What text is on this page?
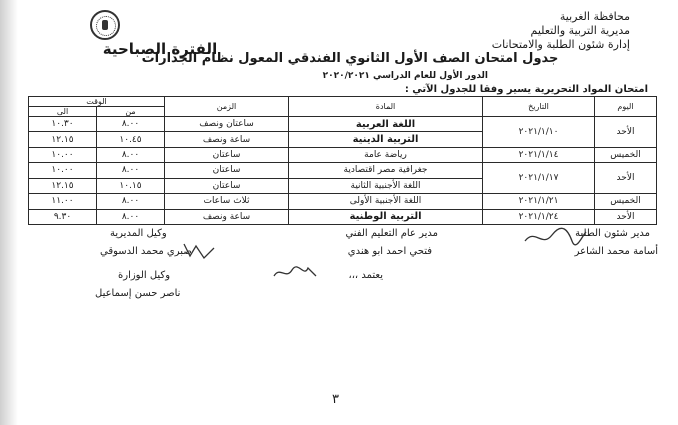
محافظة الغربية
مديرية التربية والتعليم
إدارة شئون الطلبة والامتحانات
الفترة الصباحية
جدول امتحان الصف الأول الثانوي الفندقي المعول نظام الجدارات
الدور الأول للعام الدراسي ٢٠٢٠/٢٠٢١
امتحان المواد التحريرية يسير وفقا للجدول الآتي :
اليوم	التاريخ	المادة	الزمن	الوقت	
				من	الى
الأحد	٢٠٢١/١/١٠	اللغة العربية	ساعتان ونصف	٨.٠٠	١٠.٣٠
		التربية الدينية	ساعة ونصف	١٠.٤٥	١٢.١٥
الخميس	٢٠٢١/١/١٤	رياضة عامة	ساعتان	٨.٠٠	١٠.٠٠
الأحد	٢٠٢١/١/١٧	جغرافية مصر اقتصادية	ساعتان	٨.٠٠	١٠.٠٠
		اللغة الأجنبية الثانية	ساعتان	١٠.١٥	١٢.١٥
الخميس	٢٠٢١/١/٢١	اللغة الأجنبية الأولى	ثلاث ساعات	٨.٠٠	١١.٠٠
الأحد	٢٠٢١/١/٢٤	التربية الوطنية	ساعة ونصف	٨.٠٠	٩.٣٠
مدير شئون الطلبة
أسامة محمد الشاعر
مدير عام التعليم الفني
فتحي احمد ابو هندي
وكيل المديرية
صبري محمد الدسوقي
يعتمد ،،،
وكيل الوزارة
ناصر حسن إسماعيل
٣
